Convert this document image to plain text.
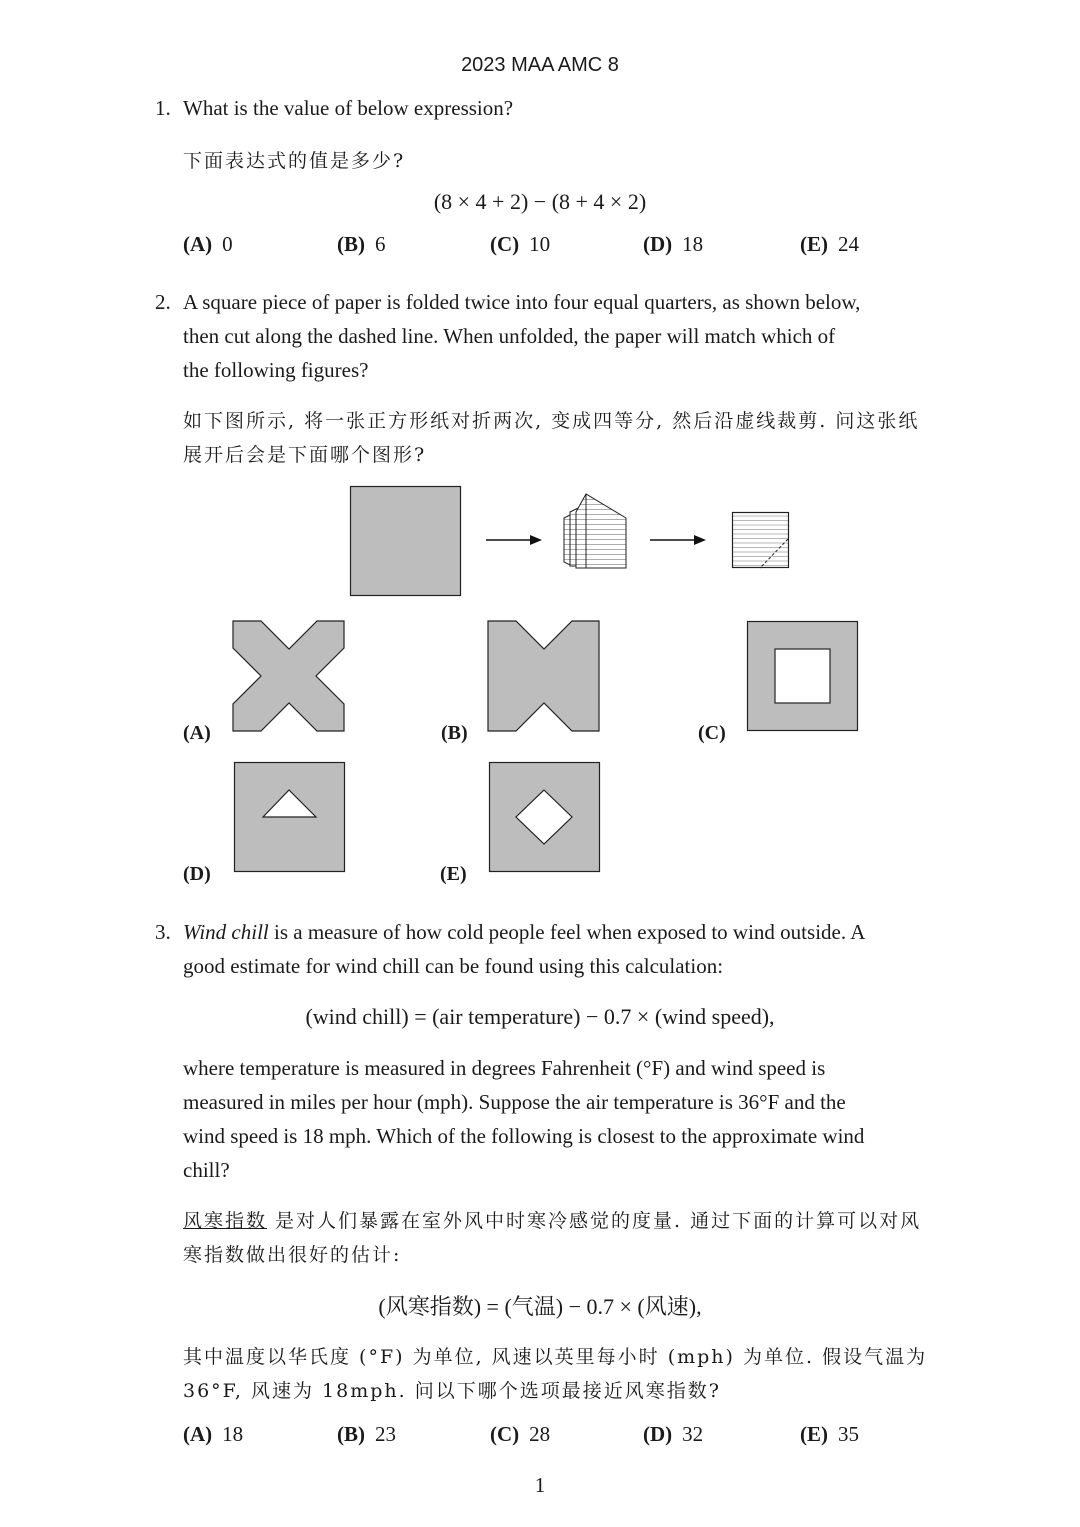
2023 MAA AMC 8
1. What is the value of below expression?
下面表达式的值是多少?
(8 × 4 + 2) − (8 + 4 × 2)
(A) 0	(B) 6	(C) 10	(D) 18	(E) 24
2. A square piece of paper is folded twice into four equal quarters, as shown below,
then cut along the dashed line. When unfolded, the paper will match which of
the following figures?
如下图所示, 将一张正方形纸对折两次, 变成四等分, 然后沿虚线裁剪. 问这张纸
展开后会是下面哪个图形?
(A)	(B)	(C)
(D)	(E)
3. Wind chill is a measure of how cold people feel when exposed to wind outside. A
good estimate for wind chill can be found using this calculation:
(wind chill) = (air temperature) − 0.7 × (wind speed),
where temperature is measured in degrees Fahrenheit (°F) and wind speed is
measured in miles per hour (mph). Suppose the air temperature is 36°F and the
wind speed is 18 mph. Which of the following is closest to the approximate wind
chill?
风寒指数 是对人们暴露在室外风中时寒冷感觉的度量. 通过下面的计算可以对风
寒指数做出很好的估计:
(风寒指数) = (气温) − 0.7 × (风速),
其中温度以华氏度 (°F) 为单位, 风速以英里每小时 (mph) 为单位. 假设气温为
36°F, 风速为 18mph. 问以下哪个选项最接近风寒指数?
(A) 18	(B) 23	(C) 28	(D) 32	(E) 35
1
